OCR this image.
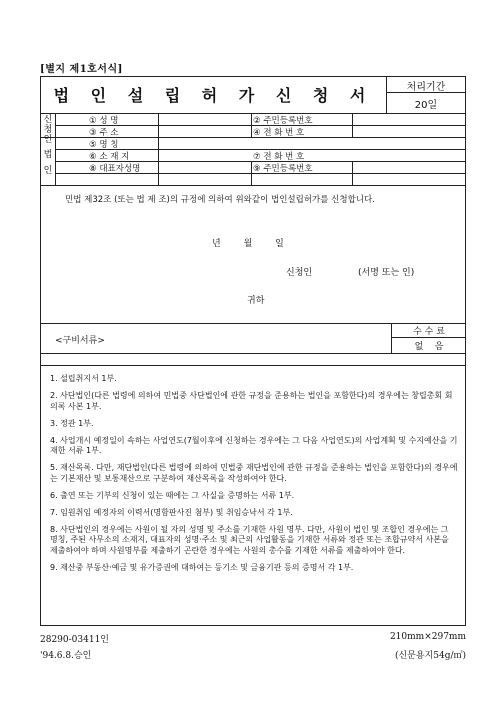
[별지 제1호서식]
법 인 설 립 허 가 신 청 서	처리기간
20일
신청인
법인
① 성 명	② 주민등록번호
③ 주 소	④ 전 화 번 호
⑤ 명 칭
⑥ 소 재 지	⑦ 전 화 번 호
⑧ 대표자성명	⑨ 주민등록번호
민법 제32조 (또는 법 제 조)의 규정에 의하여 위와같이 법인설립허가를 신청합니다.
년        월        일
신청인	(서명 또는 인)
귀하
<구비서류>
수 수 료
없    음
1. 설립취지서 1부.
2. 사단법인(다른 법령에 의하여 민법중 사단법인에 관한 규정을 준용하는 법인을 포함한다)의 경우에는 창립총회 회의록 사본 1부.
3. 정관 1부.
4. 사업개시 예정일이 속하는 사업연도(7월이후에 신청하는 경우에는 그 다음 사업연도)의 사업계획 및 수지예산을 기재한 서류 1부.
5. 재산목록. 다만, 재단법인(다른 법령에 의하여 민법중 재단법인에 관한 규정을 준용하는 법인을 포함한다)의 경우에는 기본재산 및 보통재산으로 구분하여 재산목록을 작성하여야 한다.
6. 출연 또는 기부의 신청이 있는 때에는 그 사실을 증명하는 서류 1부.
7. 임원취임 예정자의 이력서(명함판사진 첨부) 및 취임승낙서 각 1부.
8. 사단법인의 경우에는 사원이 될 자의 성명 및 주소를 기재한 사원 명부. 다만, 사원이 법인 및 조합인 경우에는 그 명칭, 주된 사무소의 소재지, 대표자의 성명·주소 및 최근의 사업활동을 기재한 서류와 정관 또는 조합규약서 사본을 제출하여야 하며 사원명부를 제출하기 곤란한 경우에는 사원의 총수를 기재한 서류를 제출하여야 한다.
9. 재산중 부동산·예금 및 유가증권에 대하여는 등기소 및 금융기관 등의 증명서 각 1부.
28290-03411인
'94.6.8.승인
210mm×297mm
(신문용지54g/㎡)
